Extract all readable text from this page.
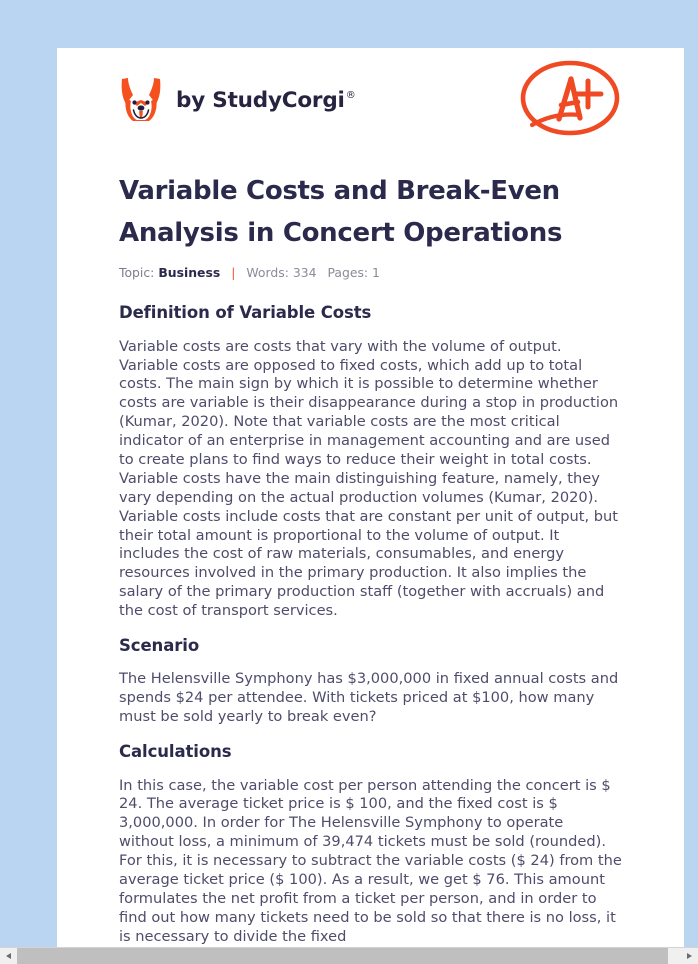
by StudyCorgi®
Variable Costs and Break-Even Analysis in Concert Operations
Topic: Business | Words: 334 Pages: 1
Definition of Variable Costs

Variable costs are costs that vary with the volume of output. Variable costs are opposed to fixed costs, which add up to total costs. The main sign by which it is possible to determine whether costs are variable is their disappearance during a stop in production (Kumar, 2020). Note that variable costs are the most critical indicator of an enterprise in management accounting and are used to create plans to find ways to reduce their weight in total costs. Variable costs have the main distinguishing feature, namely, they vary depending on the actual production volumes (Kumar, 2020). Variable costs include costs that are constant per unit of output, but their total amount is proportional to the volume of output. It includes the cost of raw materials, consumables, and energy resources involved in the primary production. It also implies the salary of the primary production staff (together with accruals) and the cost of transport services.

Scenario

The Helensville Symphony has $3,000,000 in fixed annual costs and spends $24 per attendee. With tickets priced at $100, how many must be sold yearly to break even?

Calculations

In this case, the variable cost per person attending the concert is $ 24. The average ticket price is $ 100, and the fixed cost is $ 3,000,000. In order for The Helensville Symphony to operate without loss, a minimum of 39,474 tickets must be sold (rounded). For this, it is necessary to subtract the variable costs ($ 24) from the average ticket price ($ 100). As a result, we get $ 76. This amount formulates the net profit from a ticket per person, and in order to find out how many tickets need to be sold so that there is no loss, it is necessary to divide the fixed
